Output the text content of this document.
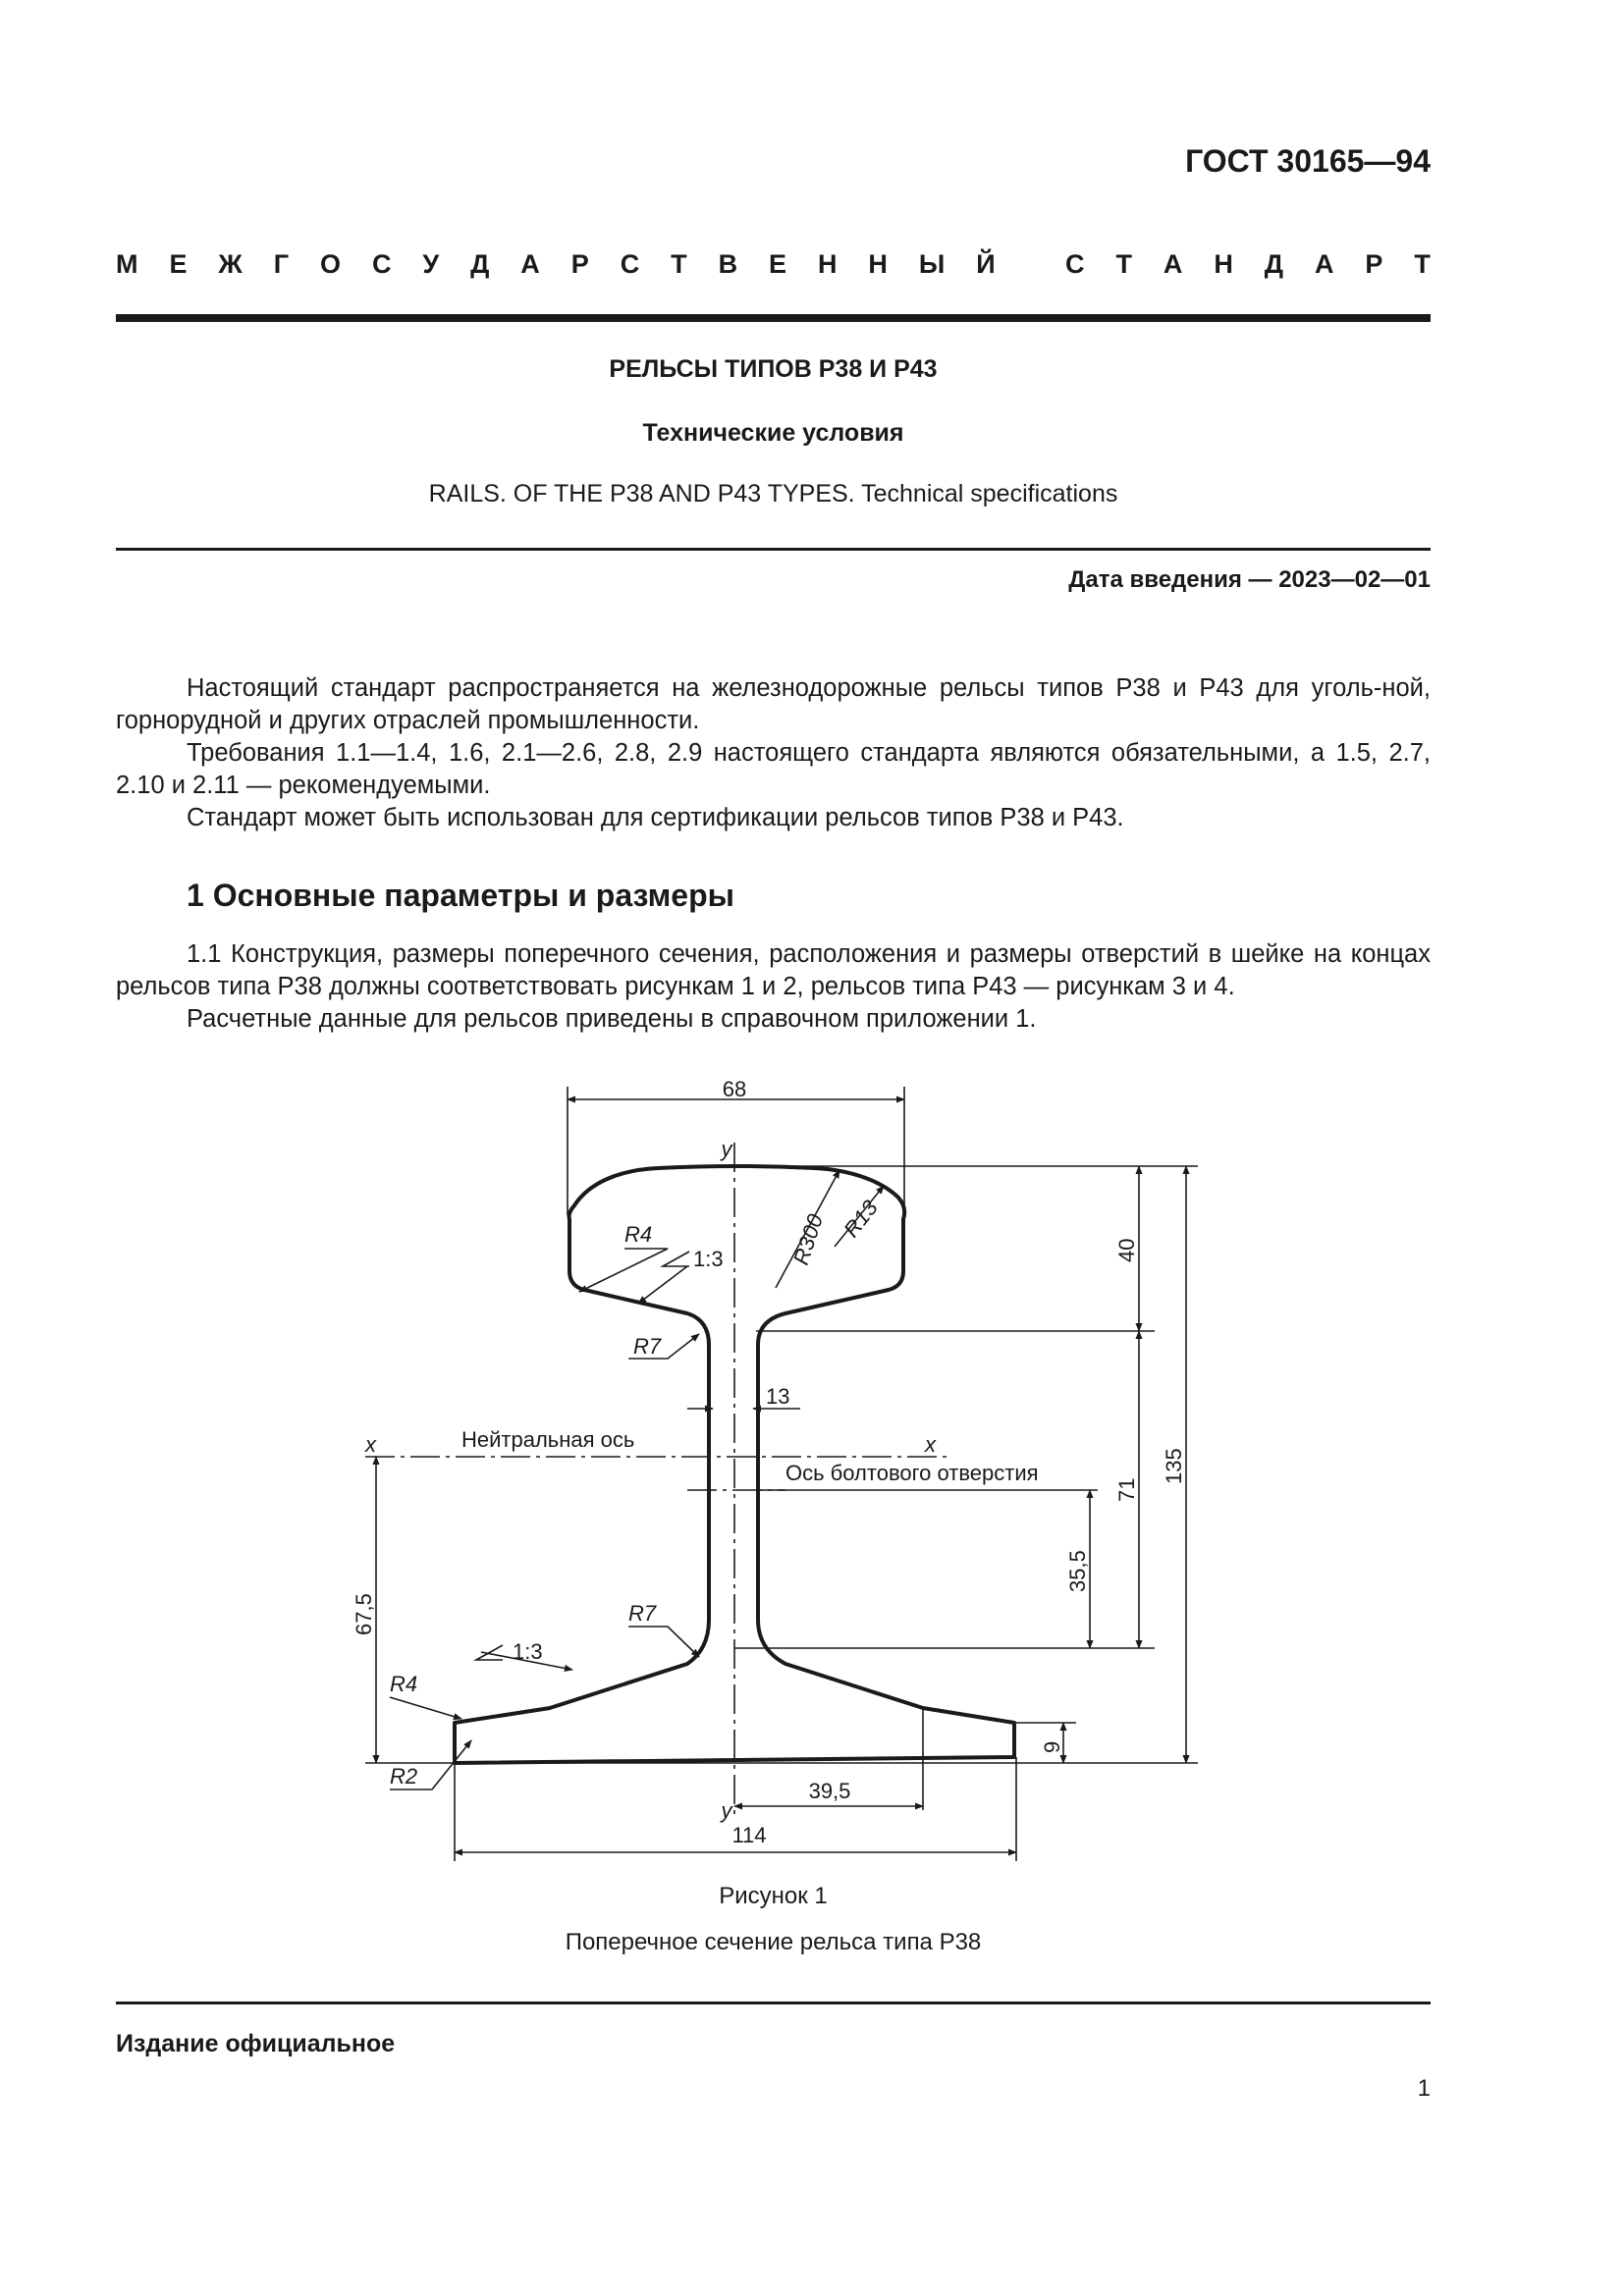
ГОСТ 30165—94
М Е Ж Г О С У Д А Р С Т В Е Н Н Ы Й
	С Т А Н Д А Р Т
РЕЛЬСЫ ТИПОВ Р38 И Р43
Технические условия
RAILS. OF THE P38 AND P43 TYPES. Technical specifications
Дата введения — 2023—02—01

Настоящий стандарт распространяется на железнодорожные рельсы типов Р38 и Р43 для уголь-ной, горнорудной и других отраслей промышленности.

Требования 1.1—1.4, 1.6, 2.1—2.6, 2.8, 2.9 настоящего стандарта являются обязательными, а 1.5, 2.7, 2.10 и 2.11 — рекомендуемыми.

Стандарт может быть использован для сертификации рельсов типов Р38 и Р43.

1 Основные параметры и размеры

1.1 Конструкция, размеры поперечного сечения, расположения и размеры отверстий в шейке на концах рельсов типа Р38 должны соответствовать рисункам 1 и 2, рельсов типа Р43 — рисункам 3 и 4.

Расчетные данные для рельсов приведены в справочном приложении 1.

68
y
R4
1:3
R7
R300 R13
13
x	Нейтральная ось	x
Ось болтового отверстия
40
71
135
35,5
67,5	R7
1:3
R4
R2
9
y
39,5
114
Рисунок 1
Поперечное сечение рельса типа Р38
Издание официальное
1
